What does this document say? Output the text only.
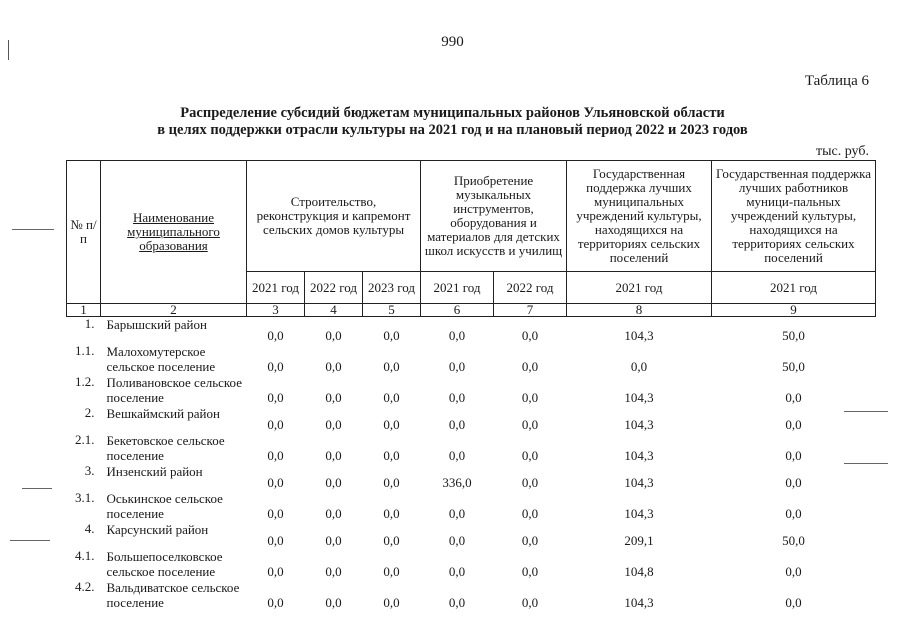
990
Таблица 6
Распределение субсидий бюджетам муниципальных районов Ульяновской области
в целях поддержки отрасли культуры на 2021 год и на плановый период 2022 и 2023 годов
тыс. руб.
№ п/п	Наименование муниципального образования	Строительство, реконструкция и капремонт сельских домов культуры			Приобретение музыкальных инструментов, оборудования и материалов для детских школ искусств и училищ		Государственная поддержка лучших муниципальных учреждений культуры, находящихся на территориях сельских поселений	Государственная поддержка лучших работников муници-пальных учреждений культуры, находящихся на территориях сельских поселений
		2021 год	2022 год	2023 год	2021 год	2022 год	2021 год	2021 год
1	2	3	4	5	6	7	8	9
1.	Барышский район	0,0	0,0	0,0	0,0	0,0	104,3	50,0
1.1.	Малохомутерское сельское поселение	0,0	0,0	0,0	0,0	0,0	0,0	50,0
1.2.	Поливановское сельское поселение	0,0	0,0	0,0	0,0	0,0	104,3	0,0
2.	Вешкаймский район	0,0	0,0	0,0	0,0	0,0	104,3	0,0
2.1.	Бекетовское сельское поселение	0,0	0,0	0,0	0,0	0,0	104,3	0,0
3.	Инзенский район	0,0	0,0	0,0	336,0	0,0	104,3	0,0
3.1.	Оськинское сельское поселение	0,0	0,0	0,0	0,0	0,0	104,3	0,0
4.	Карсунский район	0,0	0,0	0,0	0,0	0,0	209,1	50,0
4.1.	Большепоселковское сельское поселение	0,0	0,0	0,0	0,0	0,0	104,8	0,0
4.2.	Вальдиватское сельское поселение	0,0	0,0	0,0	0,0	0,0	104,3	0,0
